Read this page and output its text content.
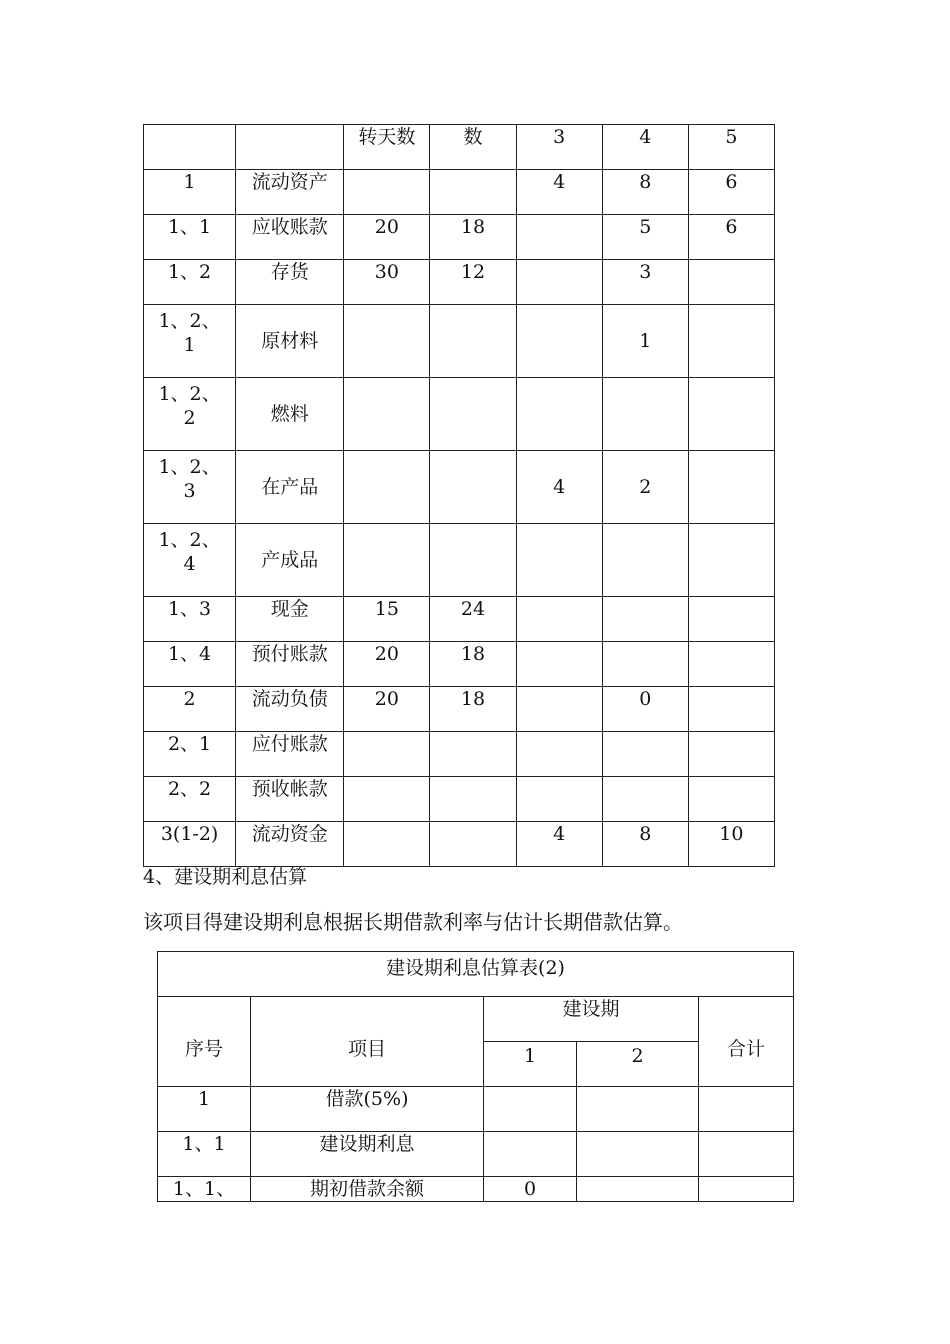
		转天数	数	3	4	5

1	流动资产			4	8	6

1、1	应收账款	20	18		5	6

1、2	存货	30	12		3	

1、2、
1	原材料				1	

1、2、
2	燃料					

1、2、
3	在产品			4	2	

1、2、
4	产成品					

1、3	现金	15	24			

1、4	预付账款	20	18			

2	流动负债	20	18		0	

2、1	应付账款					

2、2	预收帐款					

3(1-2)	流动资金			4	8	10
4、建设期利息估算
该项目得建设期利息根据长期借款利率与估计长期借款估算。
建设期利息估算表(2)				

序号	项目	建设期		合计

		1	2	

1	借款(5%)			

1、1	建设期利息			

1、1、	期初借款余额	0		
